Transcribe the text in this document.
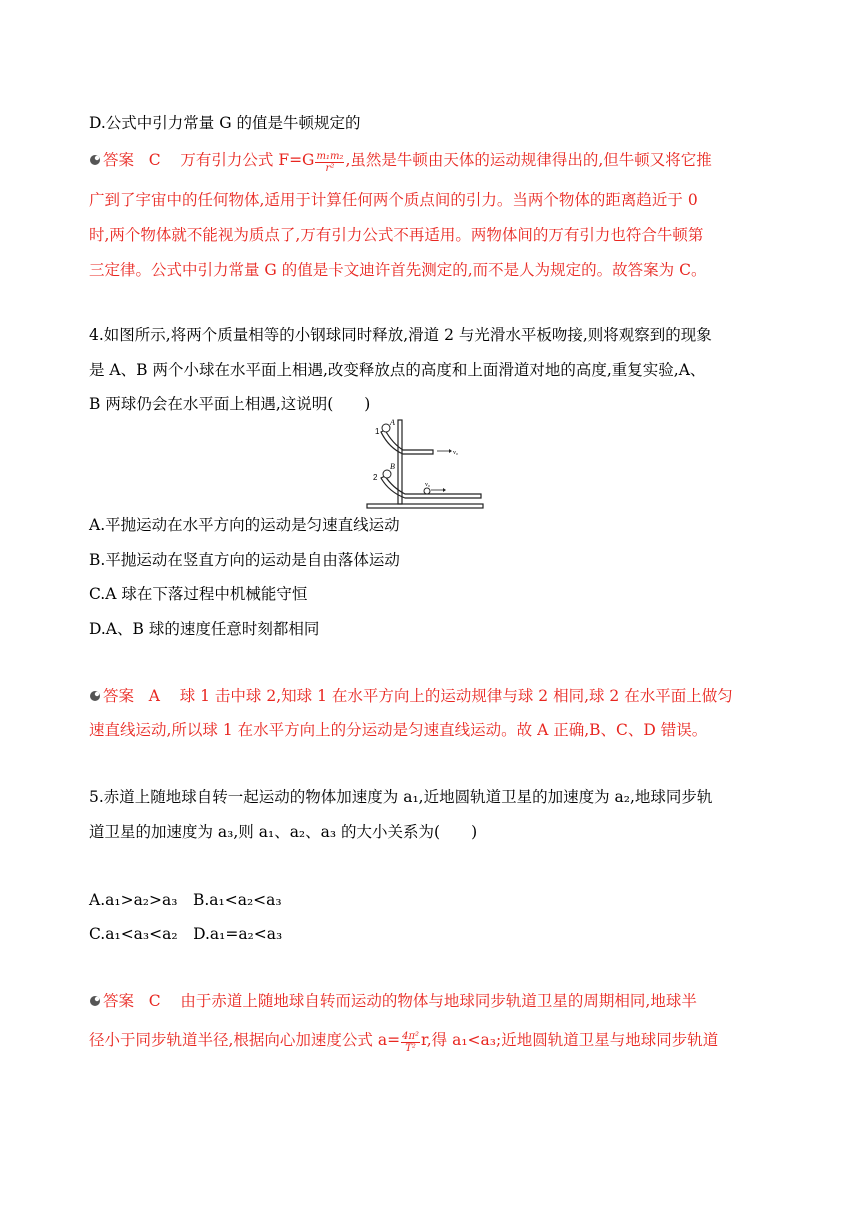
D.公式中引力常量 G 的值是牛顿规定的
答案 C 万有引力公式 $F=G \frac{\text{m₁m₂}}{\text{r²}}$ ,虽然是牛顿由天体的运动规律得出的,但牛顿又将它推
广到了宇宙中的任何物体,适用于计算任何两个质点间的引力。当两个物体的距离趋近于 0
时,两个物体就不能视为质点了,万有引力公式不再适用。两物体间的万有引力也符合牛顿第
三定律。公式中引力常量 G 的值是卡文迪许首先测定的,而不是人为规定的。故答案为 C。
4.如图所示,将两个质量相等的小钢球同时释放,滑道 2 与光滑水平板吻接,则将观察到的现象
是 A、B 两个小球在水平面上相遇,改变释放点的高度和上面滑道对地的高度,重复实验,A、
B 两球仍会在水平面上相遇,这说明(　　)
1
A
v₀
2
B
v₀
A.平抛运动在水平方向的运动是匀速直线运动
B.平抛运动在竖直方向的运动是自由落体运动
C.A 球在下落过程中机械能守恒
D.A、B 球的速度任意时刻都相同
答案 A 球 1 击中球 2,知球 1 在水平方向上的运动规律与球 2 相同,球 2 在水平面上做匀
速直线运动,所以球 1 在水平方向上的分运动是匀速直线运动。故 A 正确,B、C、D 错误。
5.赤道上随地球自转一起运动的物体加速度为 a₁,近地圆轨道卫星的加速度为 a₂,地球同步轨
道卫星的加速度为 a₃,则 a₁、a₂、a₃ 的大小关系为(　　)
A.a₁>a₂>a₃　B.a₁<a₂<a₃
C.a₁<a₃<a₂　D.a₁=a₂<a₃
答案 C 由于赤道上随地球自转而运动的物体与地球同步轨道卫星的周期相同,地球半
径小于同步轨道半径,根据向心加速度公式 $a= \frac{\text{4π²}}{\text{T²}} r$,得 a₁<a₃;近地圆轨道卫星与地球同步轨道
